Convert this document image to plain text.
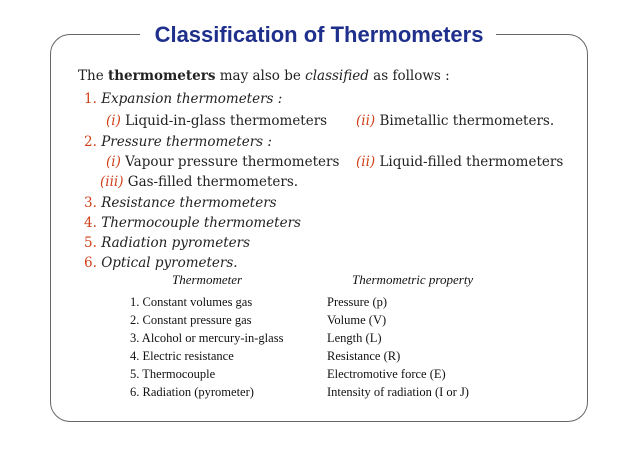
Classification of Thermometers
The thermometers may also be classified as follows :
1. Expansion thermometers :
(i) Liquid-in-glass thermometers (ii) Bimetallic thermometers.
2. Pressure thermometers :
(i) Vapour pressure thermometers (ii) Liquid-filled thermometers
(iii) Gas-filled thermometers.
3. Resistance thermometers
4. Thermocouple thermometers
5. Radiation pyrometers
6. Optical pyrometers.
Thermometer	Thermometric property
1. Constant volumes gas	Pressure (p)
2. Constant pressure gas	Volume (V)
3. Alcohol or mercury-in-glass	Length (L)
4. Electric resistance	Resistance (R)
5. Thermocouple	Electromotive force (E)
6. Radiation (pyrometer)	Intensity of radiation (I or J)
